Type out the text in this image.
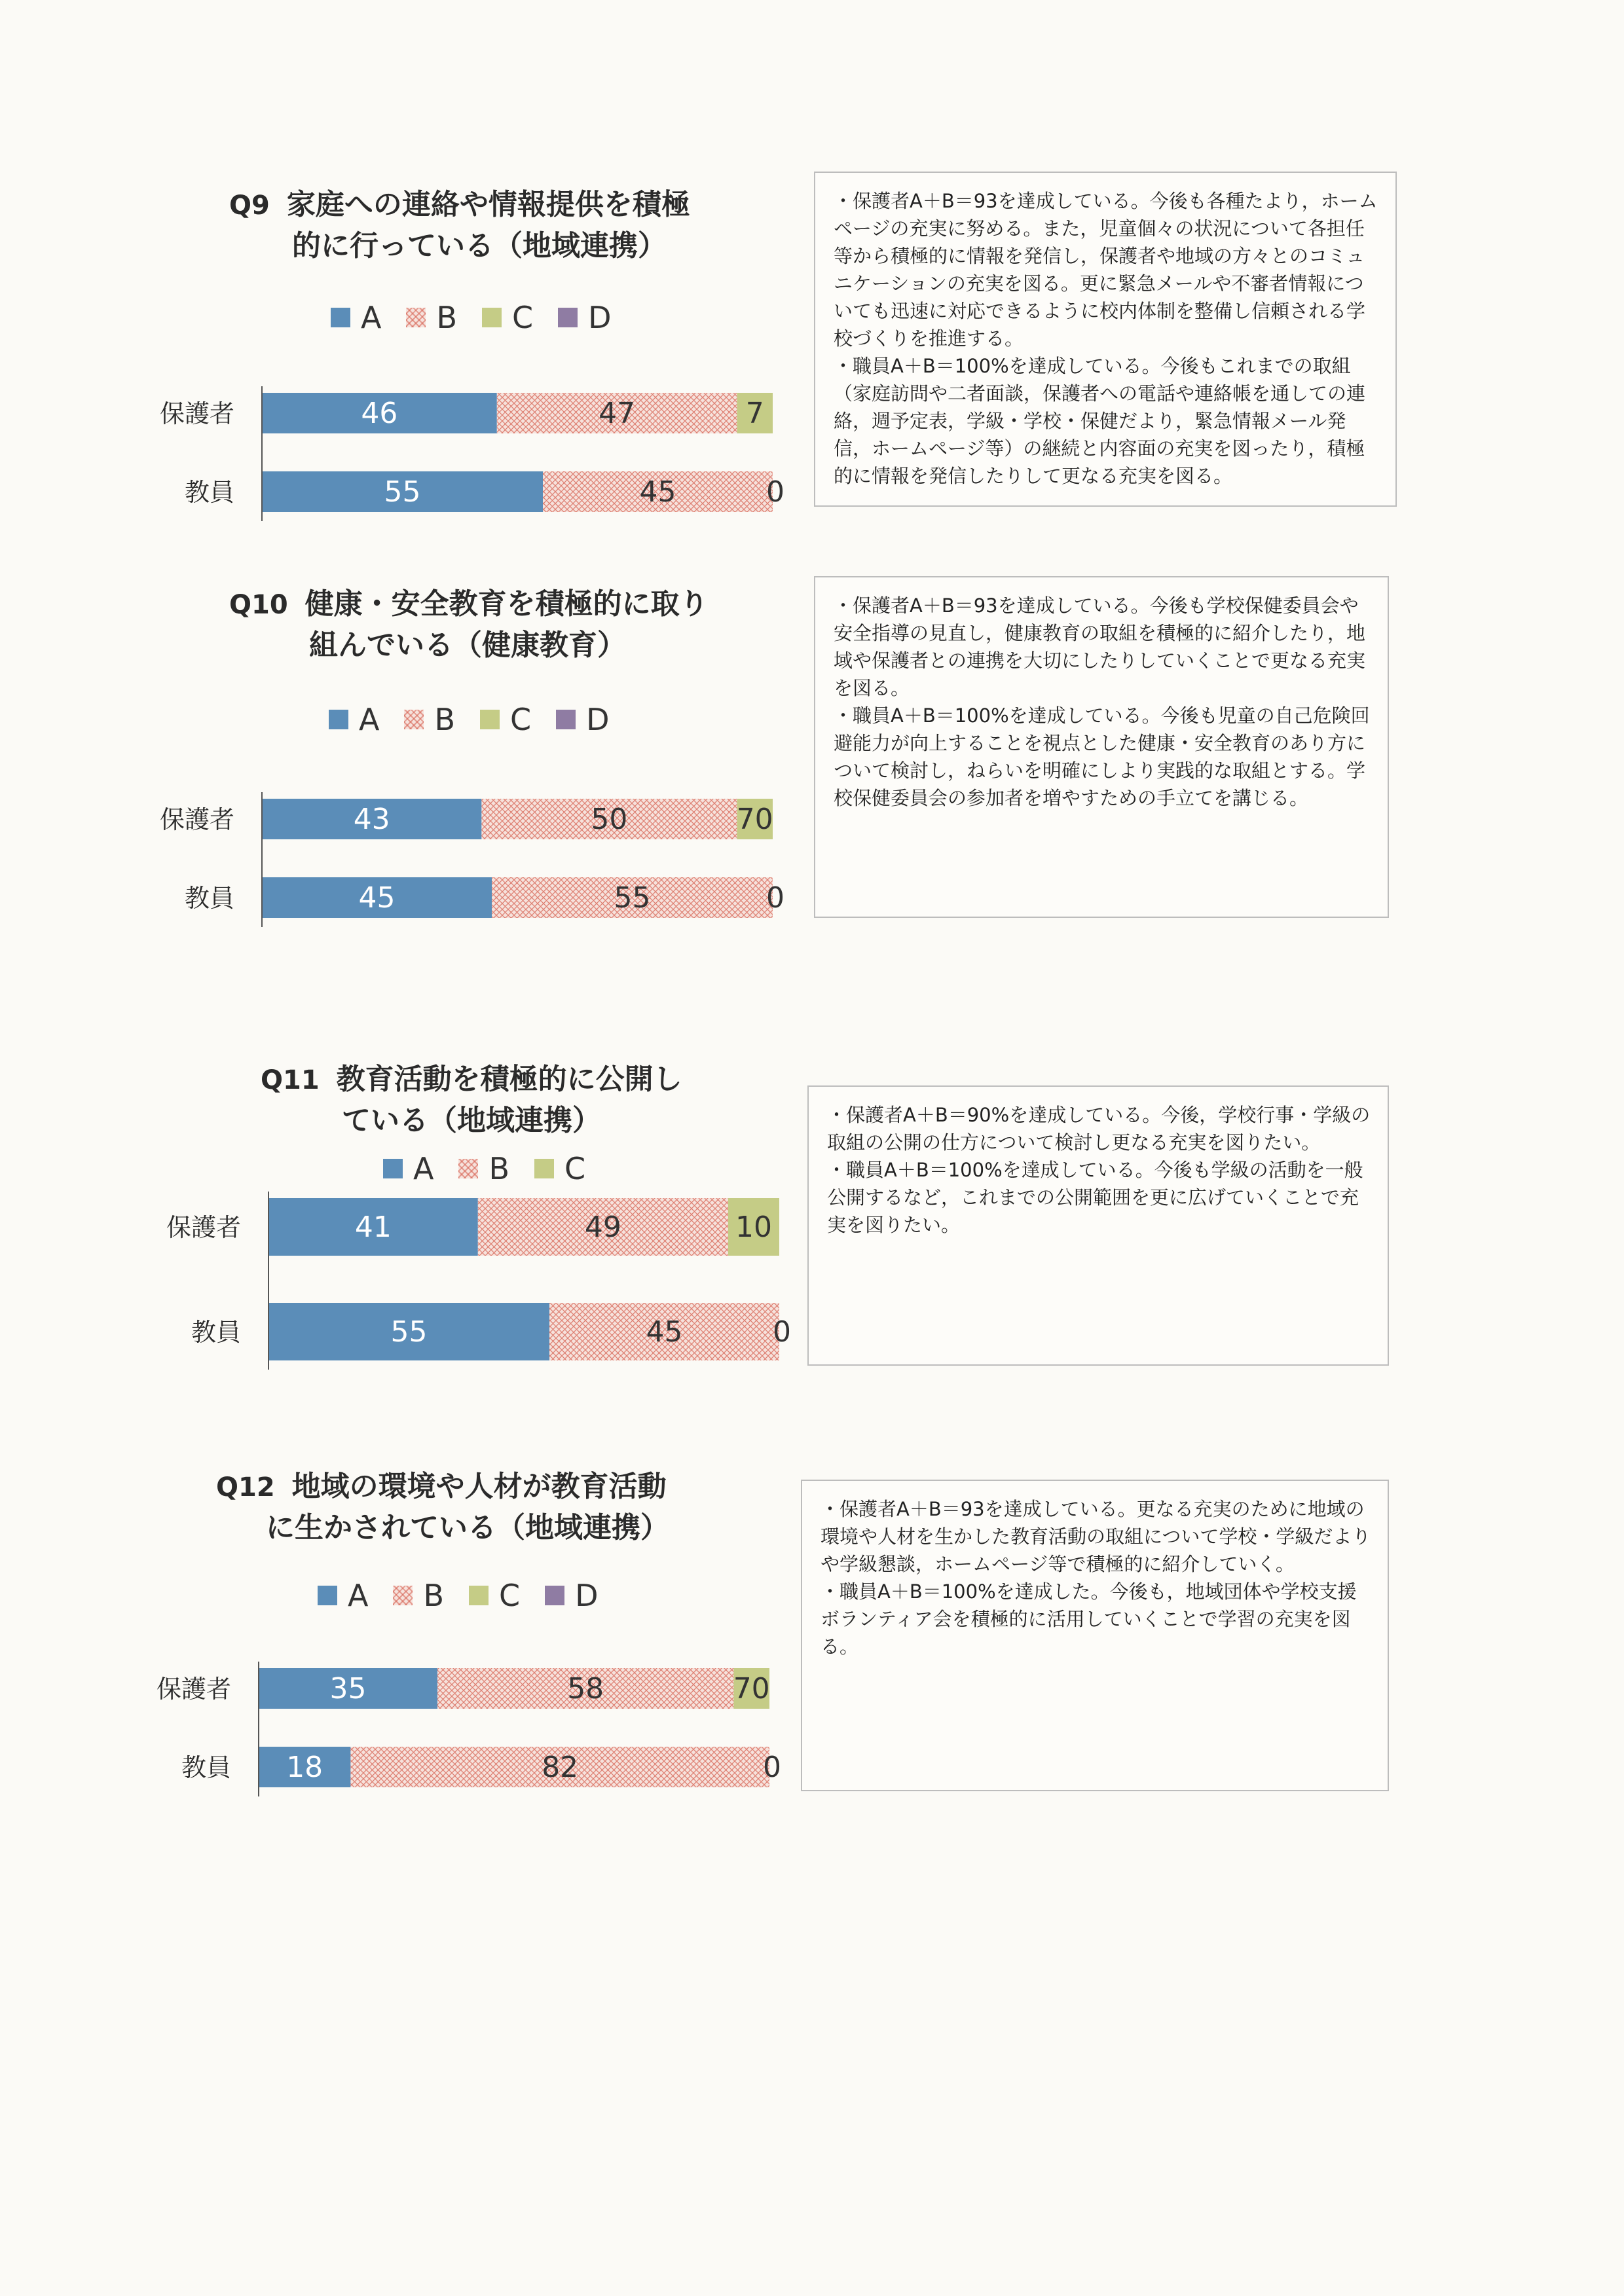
Q9 家庭への連絡や情報提供を積極
的に行っている（地域連携）
A B C D
保護者	46	47	7
教員	55	45	0

・保護者A＋B＝93を達成している。今後も各種たより，ホームページの充実に努める。また，児童個々の状況について各担任等から積極的に情報を発信し，保護者や地域の方々とのコミュニケーションの充実を図る。更に緊急メールや不審者情報についても迅速に対応できるように校内体制を整備し信頼される学校づくりを推進する。

・職員A＋B＝100%を達成している。今後もこれまでの取組（家庭訪問や二者面談，保護者への電話や連絡帳を通しての連絡，週予定表，学級・学校・保健だより，緊急情報メール発信，ホームページ等）の継続と内容面の充実を図ったり，積極的に情報を発信したりして更なる充実を図る。

Q10 健康・安全教育を積極的に取り
組んでいる（健康教育）
A B C D
保護者	43	50	70
教員	45	55	0

・保護者A＋B＝93を達成している。今後も学校保健委員会や安全指導の見直し，健康教育の取組を積極的に紹介したり，地域や保護者との連携を大切にしたりしていくことで更なる充実を図る。

・職員A＋B＝100%を達成している。今後も児童の自己危険回避能力が向上することを視点とした健康・安全教育のあり方について検討し，ねらいを明確にしより実践的な取組とする。学校保健委員会の参加者を増やすための手立てを講じる。

Q11 教育活動を積極的に公開し
ている（地域連携）
A B C
保護者	41	49	10
教員	55	45	0

・保護者A＋B＝90%を達成している。今後，学校行事・学級の取組の公開の仕方について検討し更なる充実を図りたい。

・職員A＋B＝100%を達成している。今後も学級の活動を一般公開するなど，これまでの公開範囲を更に広げていくことで充実を図りたい。

Q12 地域の環境や人材が教育活動
に生かされている（地域連携）
A B C D
保護者	35	58	70
教員 18	82	0

・保護者A＋B＝93を達成している。更なる充実のために地域の環境や人材を生かした教育活動の取組について学校・学級だよりや学級懇談，ホームページ等で積極的に紹介していく。

・職員A＋B＝100%を達成した。今後も，地域団体や学校支援ボランティア会を積極的に活用していくことで学習の充実を図る。
